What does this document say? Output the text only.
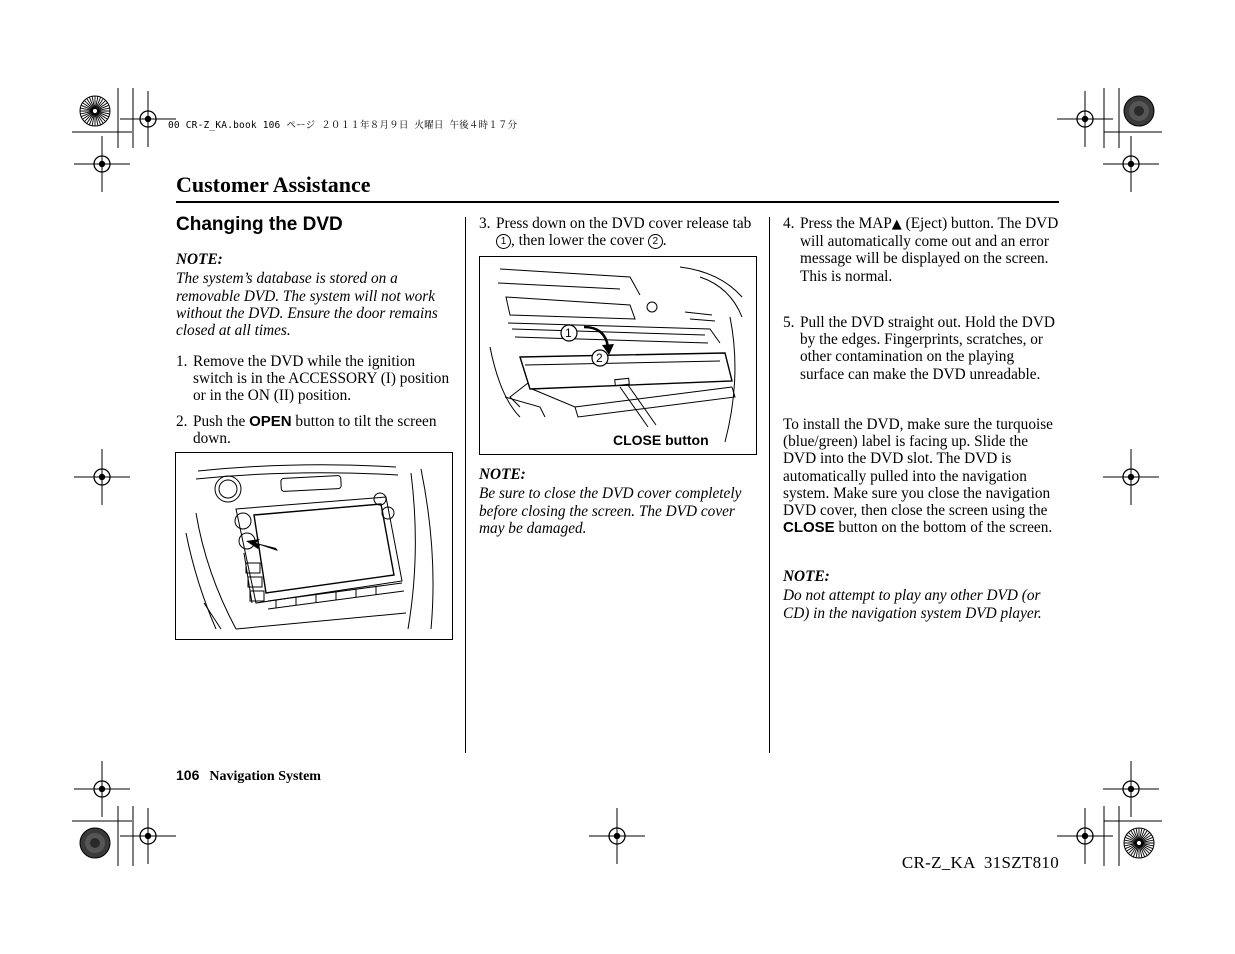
00 CR-Z_KA.book 106 ページ ２０１１年８月９日 火曜日 午後４時１７分
Customer Assistance
Changing the DVD

NOTE:

The system’s database is stored on a removable DVD. The system will not work without the DVD. Ensure the door remains closed at all times.

1. Remove the DVD while the ignition switch is in the ACCESSORY (I) position or in the ON (II) position.
2. Push the OPEN button to tilt the screen down.
3. Press down on the DVD cover release tab 1 , then lower the cover 2 .
1
2
CLOSE button

NOTE:

Be sure to close the DVD cover completely before closing the screen. The DVD cover may be damaged.

4. Press the MAP▲ (Eject) button. The DVD will automatically come out and an error message will be displayed on the screen. This is normal.
5. Pull the DVD straight out. Hold the DVD by the edges. Fingerprints, scratches, or other contamination on the playing surface can make the DVD unreadable.

To install the DVD, make sure the turquoise (blue/green) label is facing up. Slide the DVD into the DVD slot. The DVD is automatically pulled into the navigation system. Make sure you close the navigation DVD cover, then close the screen using the CLOSE button on the bottom of the screen.

NOTE:

Do not attempt to play any other DVD (or CD) in the navigation system DVD player.

106 Navigation System
CR-Z_KA  31SZT810
